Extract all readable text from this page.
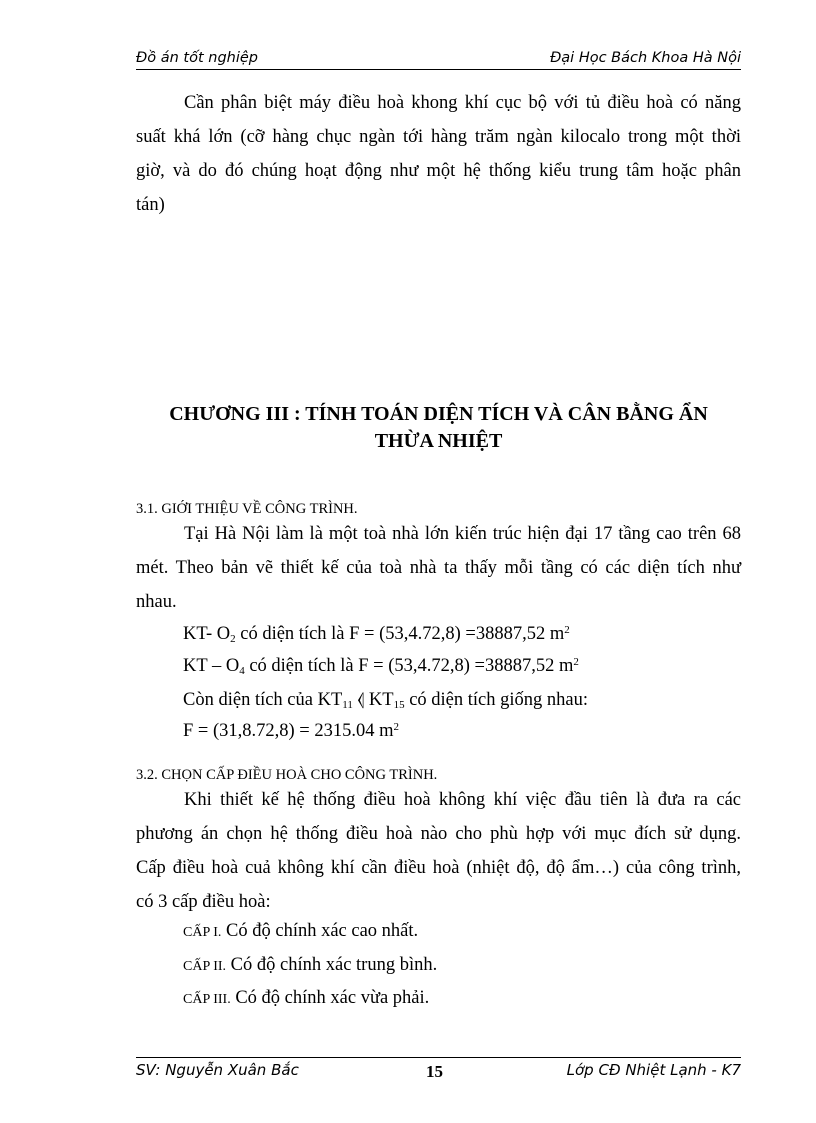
Đồ án tốt nghiệp	Đại Học Bách Khoa Hà Nội
Cần phân biệt máy điều hoà khong khí cục bộ với tủ điều hoà có năng
suất khá lớn (cỡ hàng chục ngàn tới hàng trăm ngàn kilocalo trong một thời
giờ, và do đó chúng hoạt động như một hệ thống kiểu trung tâm hoặc phân
tán)
CHƯƠNG III : TÍNH TOÁN DIỆN TÍCH VÀ CÂN BẰNG ẨN
THỪA NHIỆT
3.1. GIỚI THIỆU VỀ CÔNG TRÌNH.
Tại Hà Nội làm là một toà nhà lớn kiến trúc hiện đại 17 tầng cao trên 68
mét. Theo bản vẽ thiết kế của toà nhà ta thấy mỗi tầng có các diện tích như
nhau.
KT- $O_2$ có diện tích là F = (53,4.72,8) =38887,52 $m^2$
KT – $O_4$ có diện tích là F = (53,4.72,8) =38887,52 $m^2$
Còn diện tích của $KT_{11}$ ⦉ $KT_{15}$ có diện tích giống nhau:
F = (31,8.72,8) = 2315.04 $m^2$
3.2. CHỌN CẤP ĐIỀU HOÀ CHO CÔNG TRÌNH.
Khi thiết kế hệ thống điều hoà không khí việc đầu tiên là đưa ra các
phương án chọn hệ thống điều hoà nào cho phù hợp với mục đích sử dụng.
Cấp điều hoà cuả không khí cần điều hoà (nhiệt độ, độ ẩm…) của công trình,
có 3 cấp điều hoà:
CẤP I. Có độ chính xác cao nhất.
CẤP II. Có độ chính xác trung bình.
CẤP III. Có độ chính xác vừa phải.
SV: Nguyễn Xuân Bắc	15	Lớp CĐ Nhiệt Lạnh - K7
